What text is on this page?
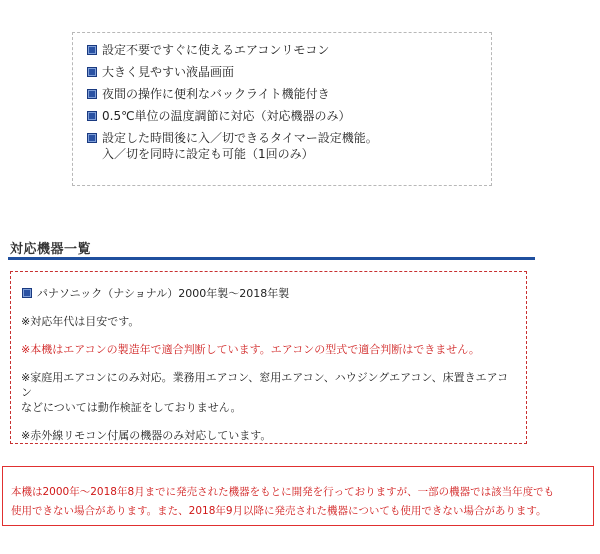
設定不要ですぐに使えるエアコンリモコン
大きく見やすい液晶画面
夜間の操作に便利なバックライト機能付き
0.5℃単位の温度調節に対応（対応機器のみ）
設定した時間後に入／切できるタイマー設定機能。
入／切を同時に設定も可能（1回のみ）
対応機器一覧
パナソニック（ナショナル）2000年製〜2018年製
※対応年代は目安です。
※本機はエアコンの製造年で適合判断しています。エアコンの型式で適合判断はできません。
※家庭用エアコンにのみ対応。業務用エアコン、窓用エアコン、ハウジングエアコン、床置きエアコン
などについては動作検証をしておりません。
※赤外線リモコン付属の機器のみ対応しています。
本機は2000年〜2018年8月までに発売された機器をもとに開発を行っておりますが、一部の機器では該当年度でも
使用できない場合があります。また、2018年9月以降に発売された機器についても使用できない場合があります。
